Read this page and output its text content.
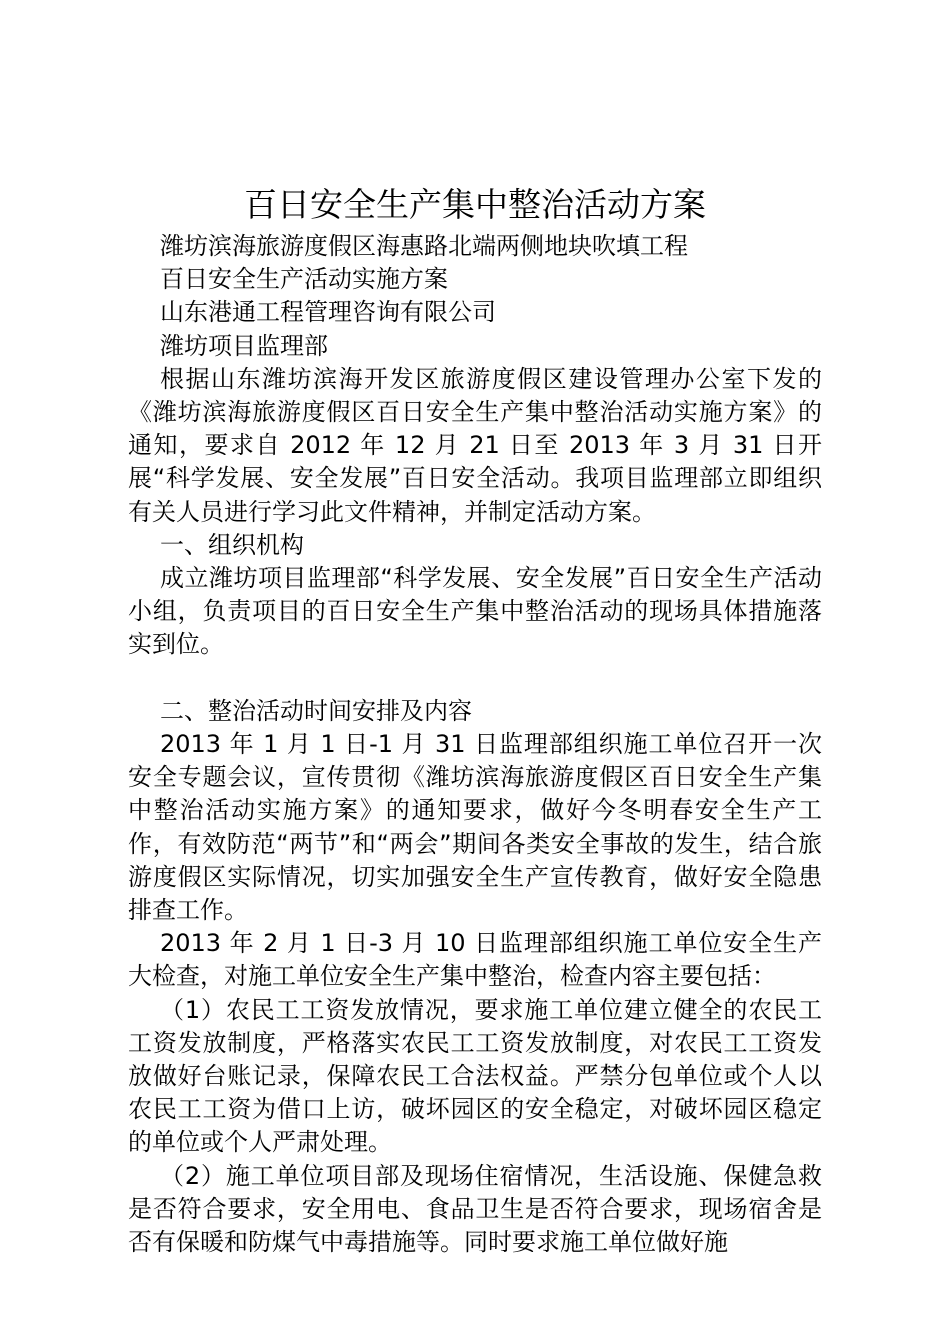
百日安全生产集中整治活动方案

潍坊滨海旅游度假区海惠路北端两侧地块吹填工程

百日安全生产活动实施方案

山东港通工程管理咨询有限公司

潍坊项目监理部

根据山东潍坊滨海开发区旅游度假区建设管理办公室下发的《潍坊滨海旅游度假区百日安全生产集中整治活动实施方案》的通知，要求自 2012 年 12 月 21 日至 2013 年 3 月 31 日开展“科学发展、安全发展”百日安全活动。我项目监理部立即组织有关人员进行学习此文件精神，并制定活动方案。

一、组织机构

成立潍坊项目监理部“科学发展、安全发展”百日安全生产活动小组，负责项目的百日安全生产集中整治活动的现场具体措施落实到位。

二、整治活动时间安排及内容

2013 年 1 月 1 日-1 月 31 日监理部组织施工单位召开一次安全专题会议，宣传贯彻《潍坊滨海旅游度假区百日安全生产集中整治活动实施方案》的通知要求，做好今冬明春安全生产工作，有效防范“两节”和“两会”期间各类安全事故的发生，结合旅游度假区实际情况，切实加强安全生产宣传教育，做好安全隐患排查工作。

2013 年 2 月 1 日-3 月 10 日监理部组织施工单位安全生产大检查，对施工单位安全生产集中整治，检查内容主要包括：

（1）农民工工资发放情况，要求施工单位建立健全的农民工工资发放制度，严格落实农民工工资发放制度，对农民工工资发放做好台账记录，保障农民工合法权益。严禁分包单位或个人以农民工工资为借口上访，破坏园区的安全稳定，对破坏园区稳定的单位或个人严肃处理。

（2）施工单位项目部及现场住宿情况，生活设施、保健急救是否符合要求，安全用电、食品卫生是否符合要求，现场宿舍是否有保暖和防煤气中毒措施等。同时要求施工单位做好施
